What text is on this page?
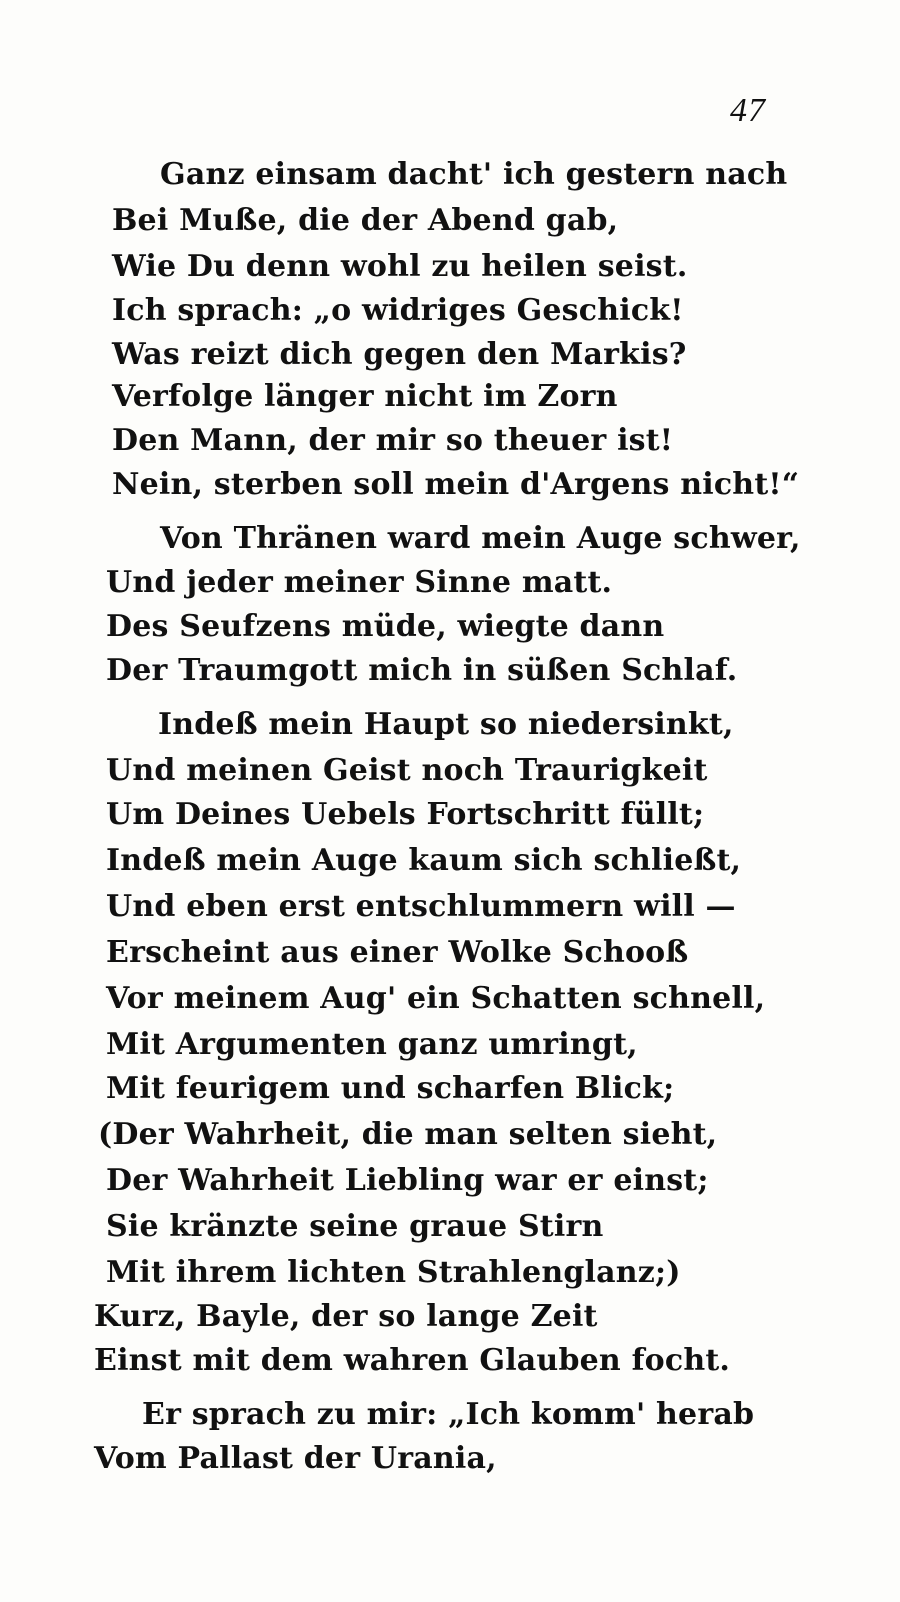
47
Ganz einsam dacht' ich gestern nach
Bei Muße, die der Abend gab,
Wie Du denn wohl zu heilen seist.
Ich sprach: „o widriges Geschick!
Was reizt dich gegen den Markis?
Verfolge länger nicht im Zorn
Den Mann, der mir so theuer ist!
Nein, sterben soll mein d'Argens nicht!“
Von Thränen ward mein Auge schwer,
Und jeder meiner Sinne matt.
Des Seufzens müde, wiegte dann
Der Traumgott mich in süßen Schlaf.
Indeß mein Haupt so niedersinkt,
Und meinen Geist noch Traurigkeit
Um Deines Uebels Fortschritt füllt;
Indeß mein Auge kaum sich schließt,
Und eben erst entschlummern will —
Erscheint aus einer Wolke Schooß
Vor meinem Aug' ein Schatten schnell,
Mit Argumenten ganz umringt,
Mit feurigem und scharfen Blick;
(Der Wahrheit, die man selten sieht,
Der Wahrheit Liebling war er einst;
Sie kränzte seine graue Stirn
Mit ihrem lichten Strahlenglanz;)
Kurz, Bayle, der so lange Zeit
Einst mit dem wahren Glauben focht.
Er sprach zu mir: „Ich komm' herab
Vom Pallast der Urania,
